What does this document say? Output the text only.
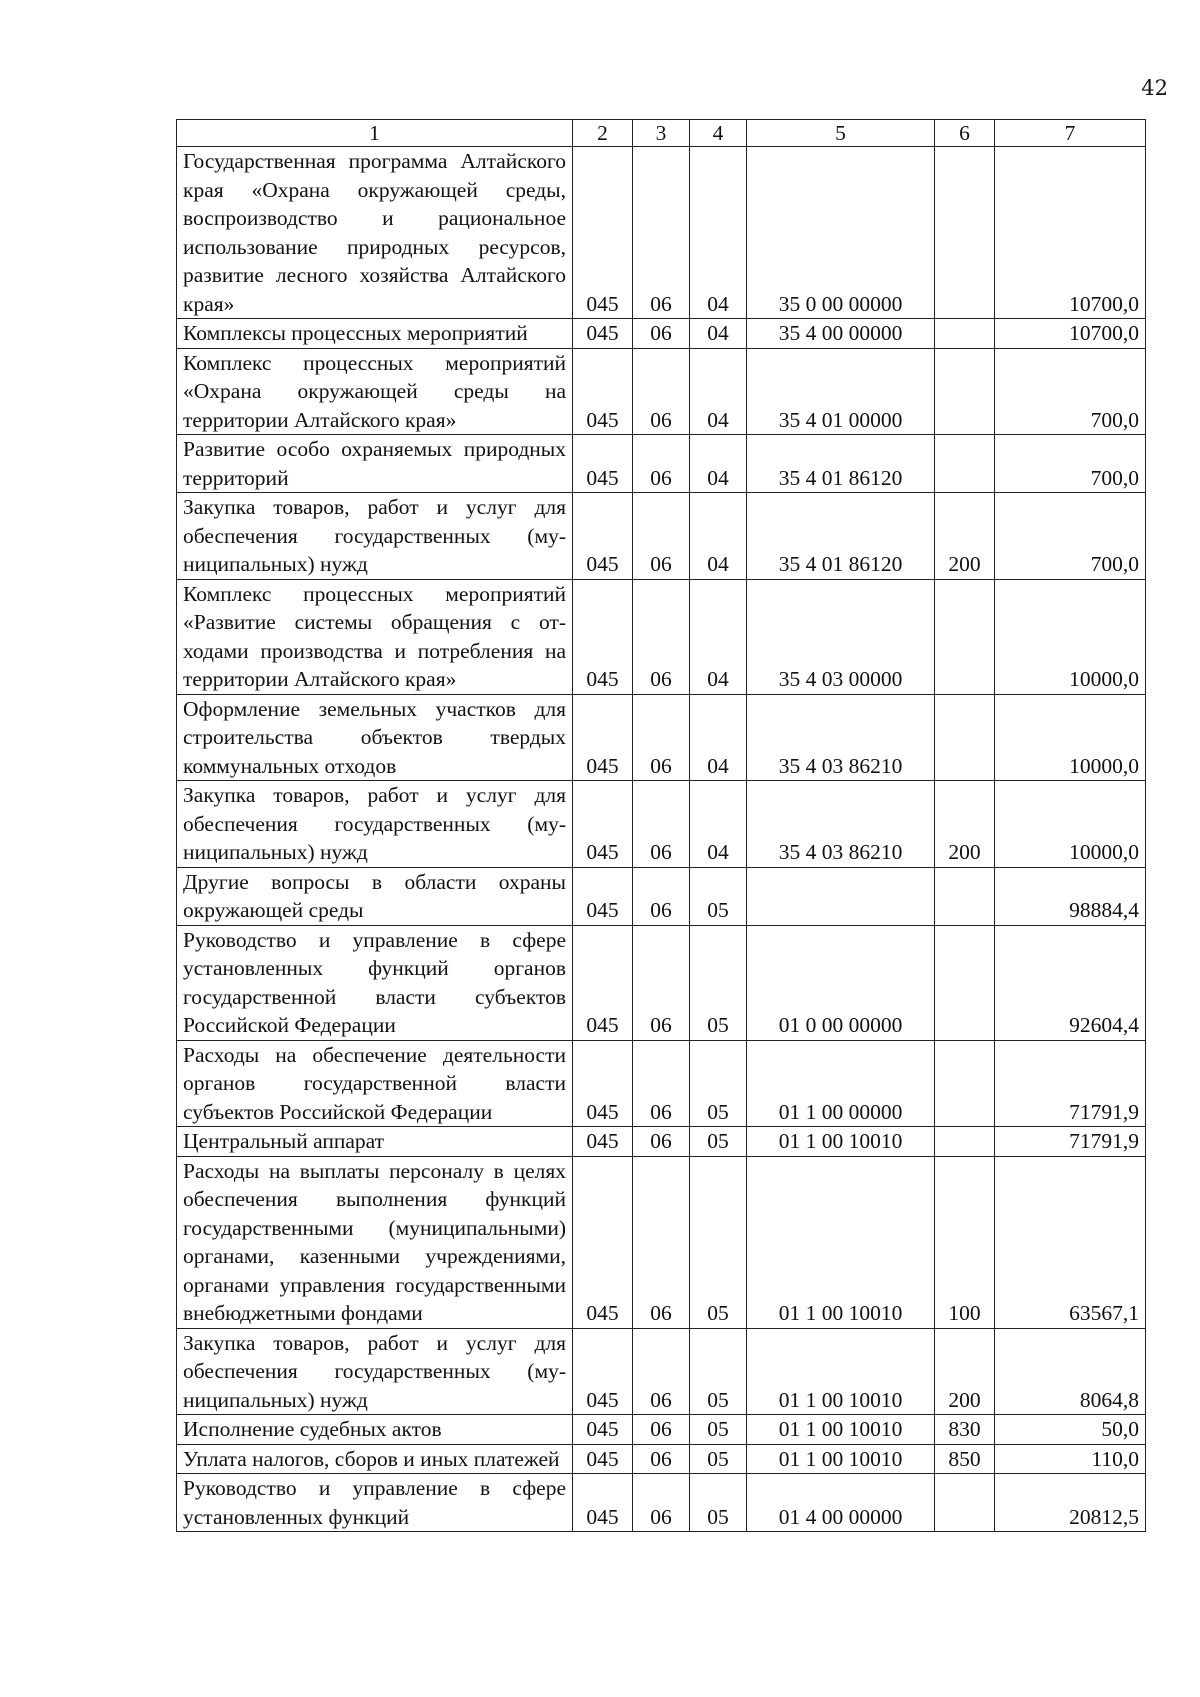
42
1	2	3	4	5	6	7
Государственная программа Алтайского края «Охрана окружающей среды, воспроизводство и рациональное использование природных ресурсов, развитие лесного хозяйства Алтайского края»	045	06	04	35 0 00 00000		10700,0
Комплексы процессных мероприятий	045	06	04	35 4 00 00000		10700,0
Комплекс процессных мероприятий «Охрана окружающей среды на территории Алтайского края»	045	06	04	35 4 01 00000		700,0
Развитие особо охраняемых природных территорий	045	06	04	35 4 01 86120		700,0
Закупка товаров, работ и услуг для обеспечения государственных (муниципальных) нужд	045	06	04	35 4 01 86120	200	700,0
Комплекс процессных мероприятий «Развитие системы обращения с отходами производства и потребления на территории Алтайского края»	045	06	04	35 4 03 00000		10000,0
Оформление земельных участков для строительства объектов твердых коммунальных отходов	045	06	04	35 4 03 86210		10000,0
Закупка товаров, работ и услуг для обеспечения государственных (муниципальных) нужд	045	06	04	35 4 03 86210	200	10000,0
Другие вопросы в области охраны окружающей среды	045	06	05			98884,4
Руководство и управление в сфере установленных функций органов государственной власти субъектов Российской Федерации	045	06	05	01 0 00 00000		92604,4
Расходы на обеспечение деятельности органов государственной власти субъектов Российской Федерации	045	06	05	01 1 00 00000		71791,9
Центральный аппарат	045	06	05	01 1 00 10010		71791,9
Расходы на выплаты персоналу в целях обеспечения выполнения функций государственными (муниципальными) органами, казенными учреждениями, органами управления государственными внебюджетными фондами	045	06	05	01 1 00 10010	100	63567,1
Закупка товаров, работ и услуг для обеспечения государственных (муниципальных) нужд	045	06	05	01 1 00 10010	200	8064,8
Исполнение судебных актов	045	06	05	01 1 00 10010	830	50,0
Уплата налогов, сборов и иных платежей	045	06	05	01 1 00 10010	850	110,0
Руководство и управление в сфере установленных функций	045	06	05	01 4 00 00000		20812,5
